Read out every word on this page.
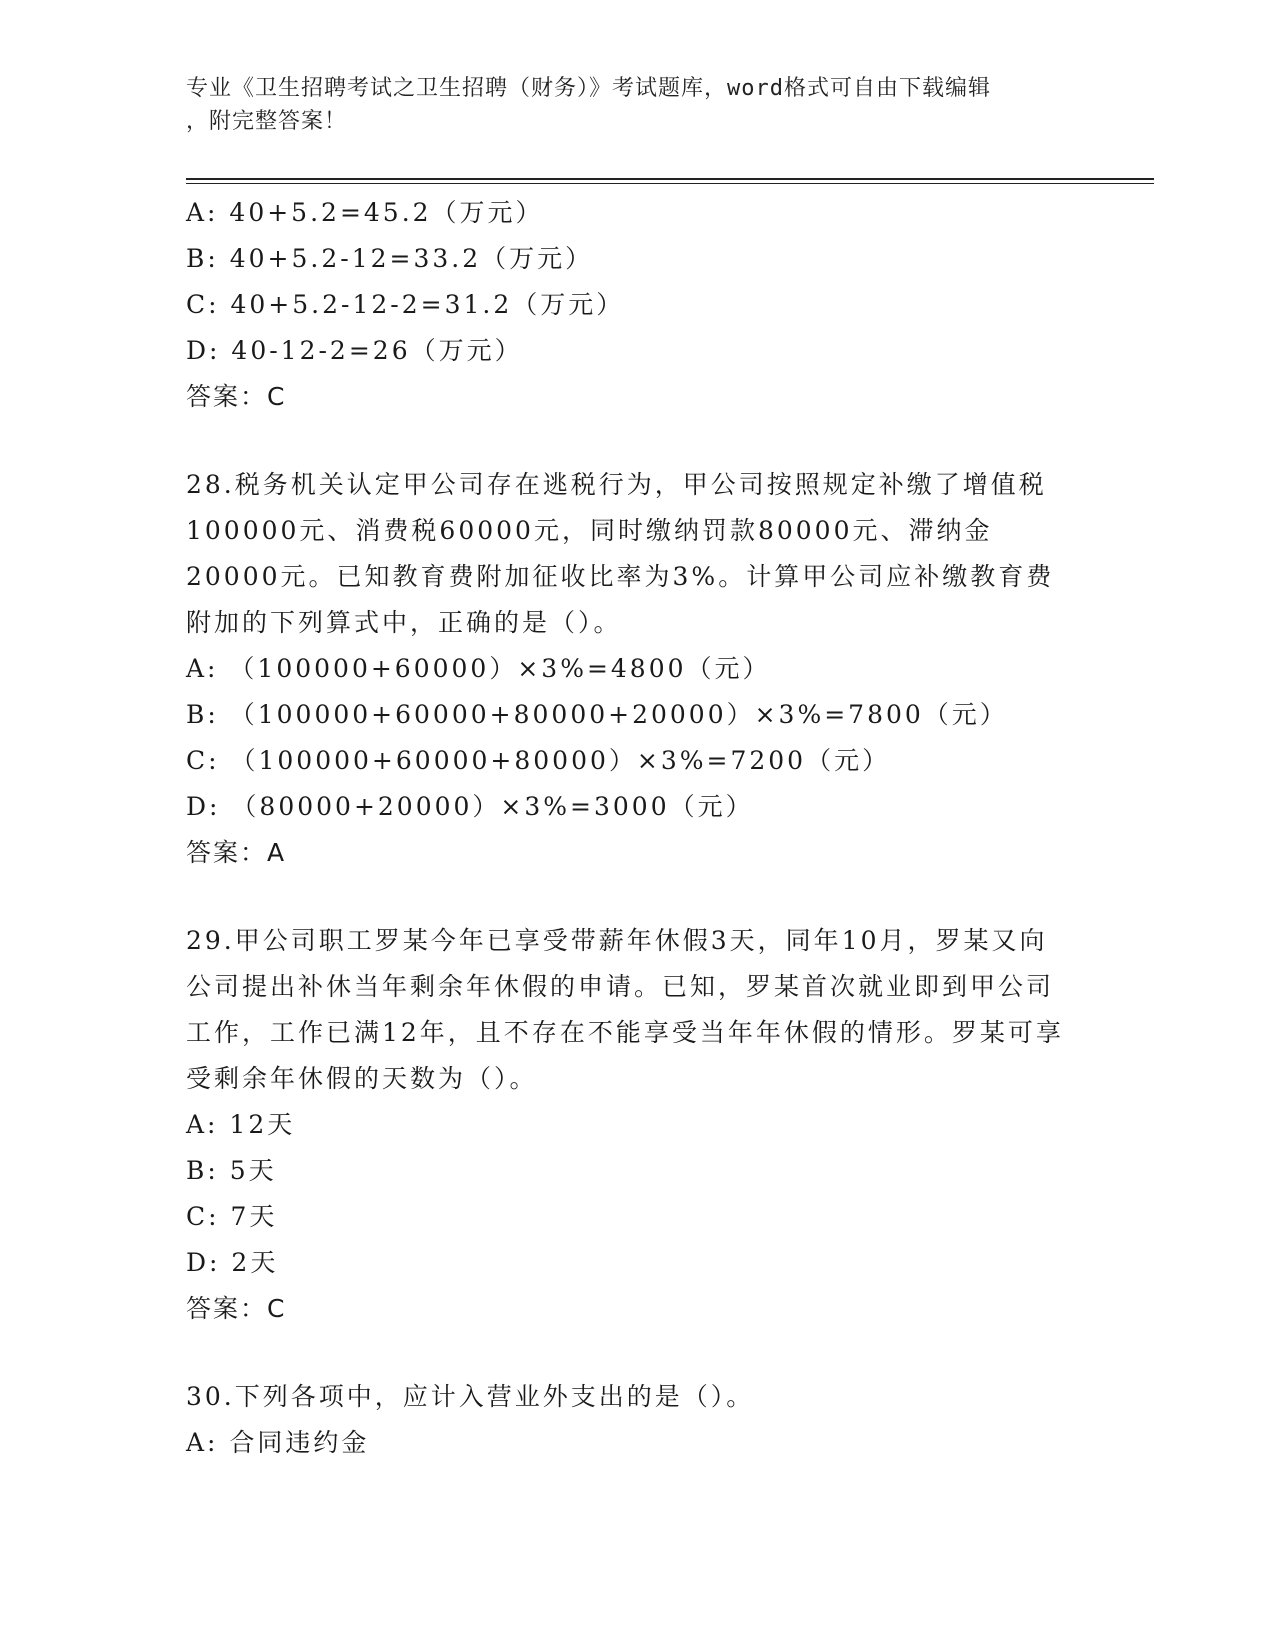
专业《卫生招聘考试之卫生招聘（财务）》考试题库，word格式可自由下载编辑
，附完整答案！
A: 40+5.2=45.2（万元）
B: 40+5.2-12=33.2（万元）
C: 40+5.2-12-2=31.2（万元）
D: 40-12-2=26（万元）
答案：C
28.税务机关认定甲公司存在逃税行为，甲公司按照规定补缴了增值税100000元、消费税60000元，同时缴纳罚款80000元、滞纳金20000元。已知教育费附加征收比率为3%。计算甲公司应补缴教育费附加的下列算式中，正确的是（）。
A: （100000+60000）×3%=4800（元）
B: （100000+60000+80000+20000）×3%=7800（元）
C: （100000+60000+80000）×3%=7200（元）
D: （80000+20000）×3%=3000（元）
答案：A
29.甲公司职工罗某今年已享受带薪年休假3天，同年10月，罗某又向公司提出补休当年剩余年休假的申请。已知，罗某首次就业即到甲公司工作，工作已满12年，且不存在不能享受当年年休假的情形。罗某可享受剩余年休假的天数为（）。
A: 12天
B: 5天
C: 7天
D: 2天
答案：C
30.下列各项中，应计入营业外支出的是（）。
A: 合同违约金
